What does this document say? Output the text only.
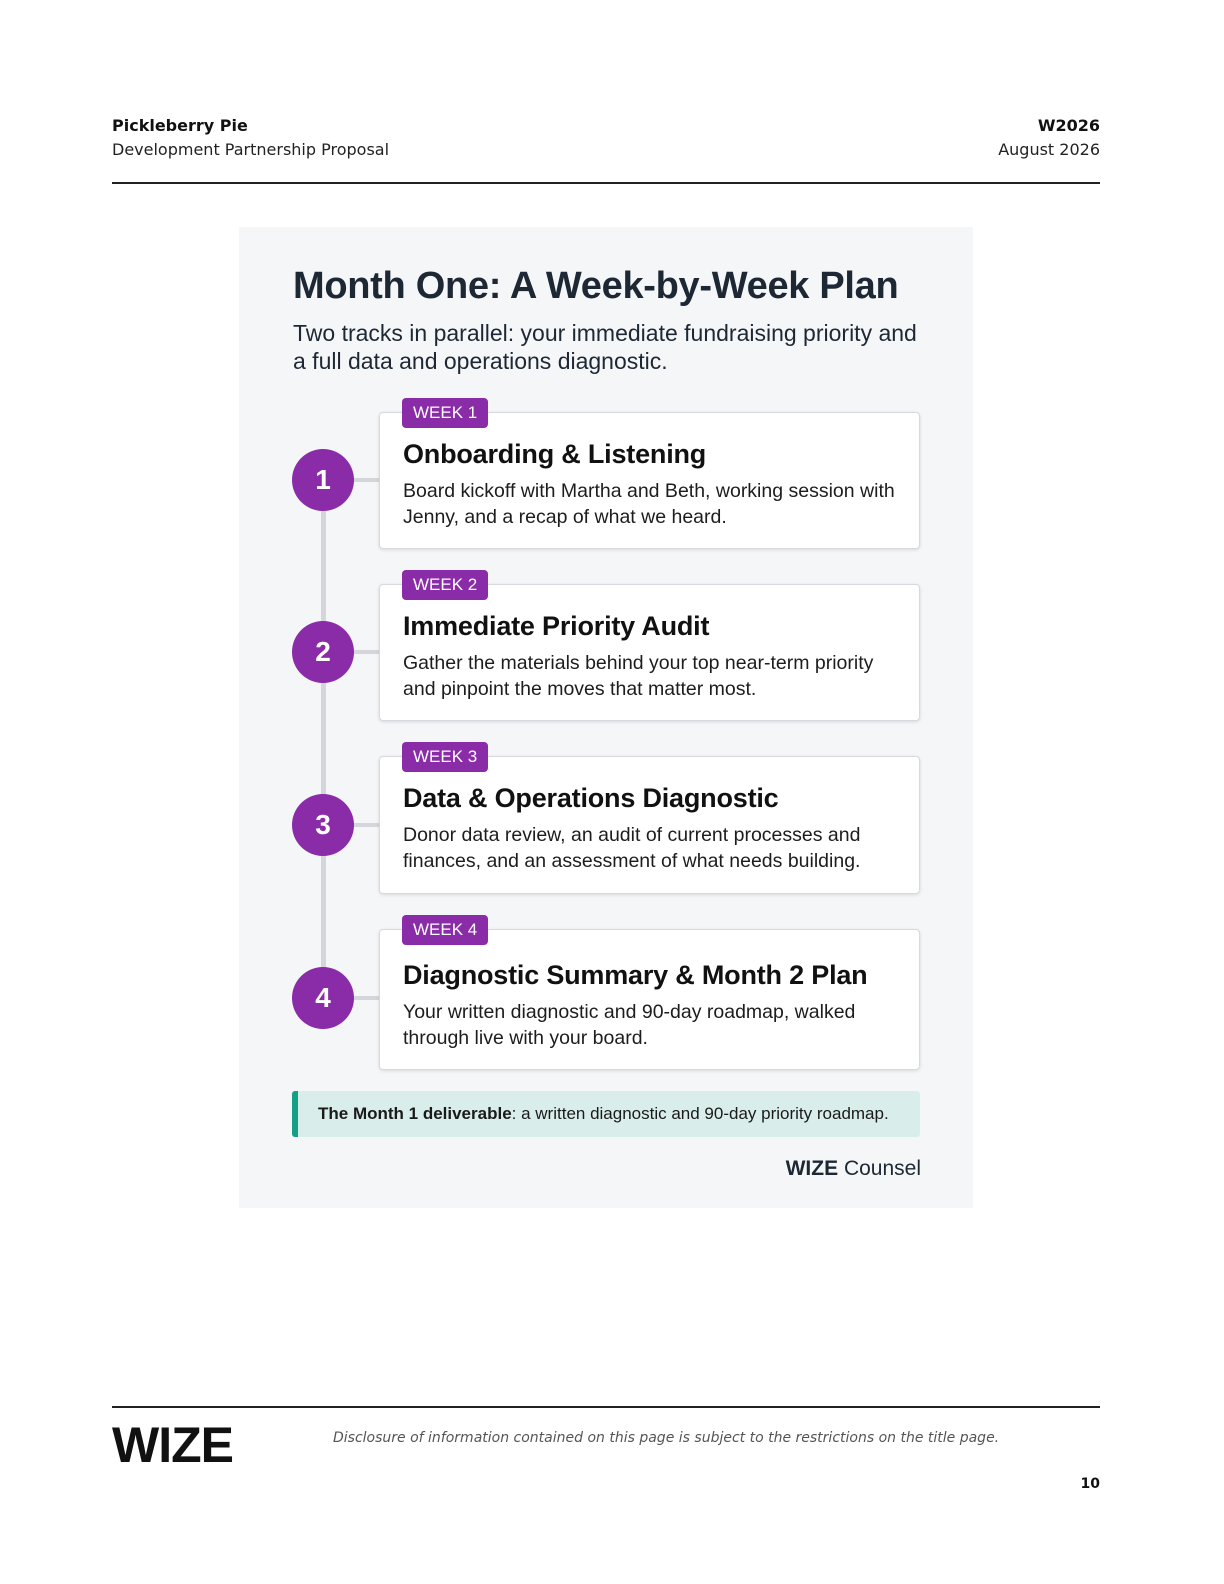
Pickleberry Pie
Development Partnership Proposal
W2026
August 2026
Month One: A Week-by-Week Plan
Two tracks in parallel: your immediate fundraising priority and a full data and operations diagnostic.
1
Onboarding & Listening
Board kickoff with Martha and Beth, working session with Jenny, and a recap of what we heard.
WEEK 1
2
Immediate Priority Audit
Gather the materials behind your top near-term priority and pinpoint the moves that matter most.
WEEK 2
3
Data & Operations Diagnostic
Donor data review, an audit of current processes and finances, and an assessment of what needs building.
WEEK 3
4
Diagnostic Summary & Month 2 Plan
Your written diagnostic and 90-day roadmap, walked through live with your board.
WEEK 4
The Month 1 deliverable: a written diagnostic and 90-day priority roadmap.
WIZE Counsel
WIZE	Disclosure of information contained on this page is subject to the restrictions on the title page.
10
